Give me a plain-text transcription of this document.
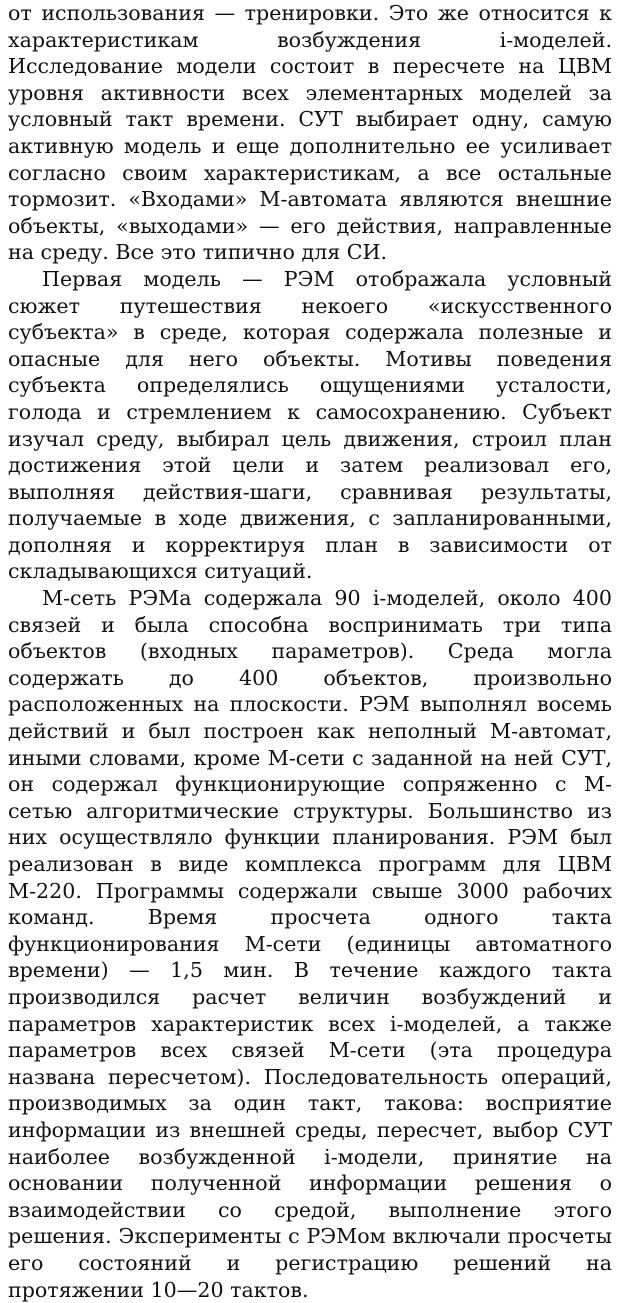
от использования — тренировки. Это же относится к характеристикам возбуждения i-моделей. Исследование модели состоит в пересчете на ЦВМ уровня активности всех элементарных моделей за условный такт времени. СУТ выбирает одну, самую активную модель и еще дополнительно ее усиливает согласно своим характеристикам, а все остальные тормозит. «Входами» М-автомата являются внешние объекты, «выходами» — его действия, направленные на среду. Все это типично для СИ.

Первая модель — РЭМ отображала условный сюжет путешествия некоего «искусственного субъекта» в среде, которая содержала полезные и опасные для него объекты. Мотивы поведения субъекта определялись ощущениями усталости, голода и стремлением к самосохранению. Субъект изучал среду, выбирал цель движения, строил план достижения этой цели и затем реализовал его, выполняя действия-шаги, сравнивая результаты, получаемые в ходе движения, с запланированными, дополняя и корректируя план в зависимости от складывающихся ситуаций.

М-сеть РЭМа содержала 90 i-моделей, около 400 связей и была способна воспринимать три типа объектов (входных параметров). Среда могла содержать до 400 объектов, произвольно расположенных на плоскости. РЭМ выполнял восемь действий и был построен как неполный М-автомат, иными словами, кроме М-сети с заданной на ней СУТ, он содержал функционирующие сопряженно с М-сетью алгоритмические структуры. Большинство из них осуществляло функции планирования. РЭМ был реализован в виде комплекса программ для ЦВМ М-220. Программы содержали свыше 3000 рабочих команд. Время просчета одного такта функционирования М-сети (единицы автоматного времени) — 1,5 мин. В течение каждого такта производился расчет величин возбуждений и параметров характеристик всех i-моделей, а также параметров всех связей М-сети (эта процедура названа пересчетом). Последовательность операций, производимых за один такт, такова: восприятие информации из внешней среды, пересчет, выбор СУТ наиболее возбужденной i-модели, принятие на основании полученной информации решения о взаимодействии со средой, выполнение этого решения. Эксперименты с РЭМом включали просчеты его состояний и регистрацию решений на протяжении 10—20 тактов.
